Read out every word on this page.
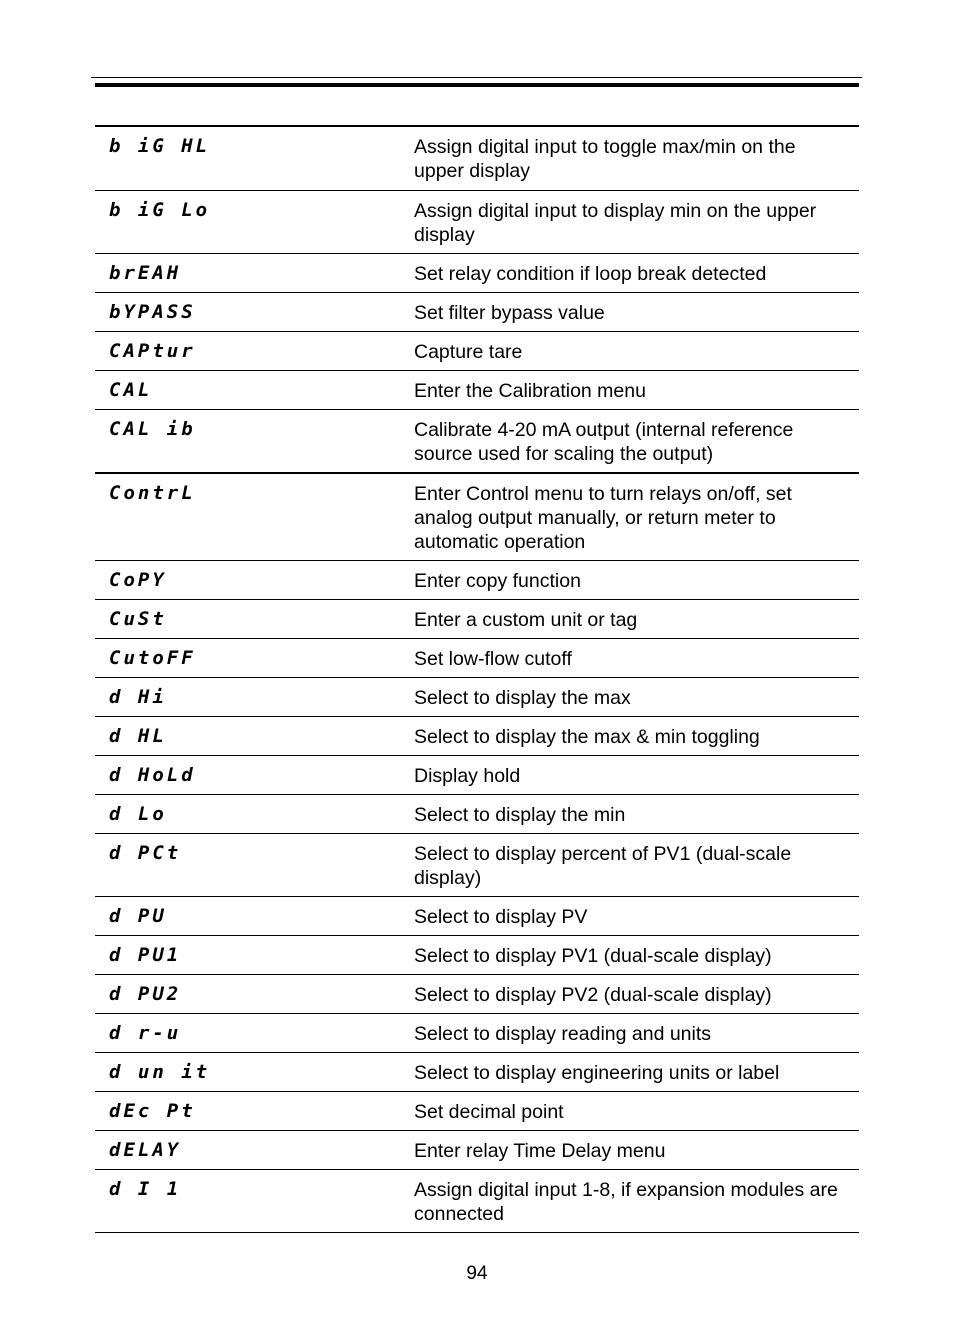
b iG HL	Assign digital input to toggle max/min on the upper display
b iG Lo	Assign digital input to display min on the upper display
brEAH	Set relay condition if loop break detected
bYPASS	Set filter bypass value
CAPtur	Capture tare
CAL	Enter the Calibration menu
CAL ib	Calibrate 4-20 mA output (internal reference source used for scaling the output)
ContrL	Enter Control menu to turn relays on/off, set analog output manually, or return meter to automatic operation
CoPY	Enter copy function
CuSt	Enter a custom unit or tag
CutoFF	Set low-flow cutoff
d Hi	Select to display the max
d HL	Select to display the max & min toggling
d HoLd	Display hold
d Lo	Select to display the min
d PCt	Select to display percent of PV1 (dual-scale display)
d PU	Select to display PV
d PU1	Select to display PV1 (dual-scale display)
d PU2	Select to display PV2 (dual-scale display)
d r-u	Select to display reading and units
d un it	Select to display engineering units or label
dEc Pt	Set decimal point
dELAY	Enter relay Time Delay menu
d I 1	Assign digital input 1-8, if expansion modules are connected
94
